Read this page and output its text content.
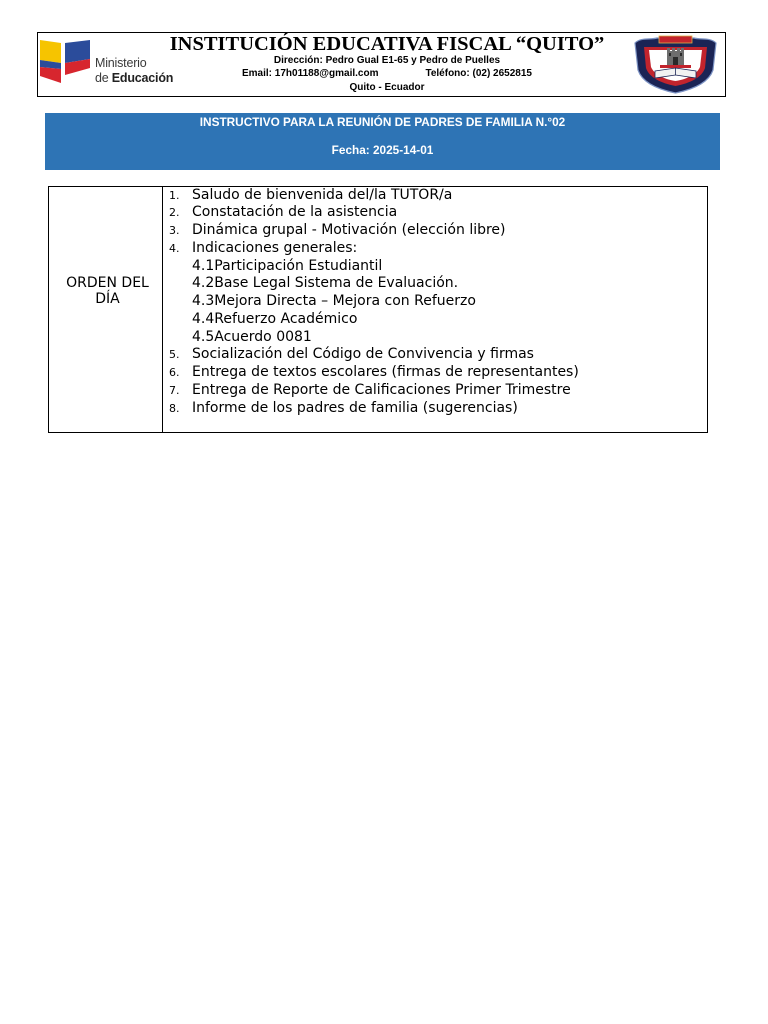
Ministerio
de Educación
INSTITUCIÓN EDUCATIVA FISCAL “QUITO”
Dirección: Pedro Gual E1-65 y Pedro de Puelles
Email: 17h01188@gmail.com	Teléfono: (02) 2652815
Quito - Ecuador
INSTRUCTIVO PARA LA REUNIÓN DE PADRES DE FAMILIA N.°02
Fecha: 2025-14-01
ORDEN DEL DÍA
1. Saludo de bienvenida del/la TUTOR/a
2. Constatación de la asistencia
3. Dinámica grupal - Motivación (elección libre)
4. Indicaciones generales:
4.1Participación Estudiantil
4.2Base Legal Sistema de Evaluación.
4.3Mejora Directa – Mejora con Refuerzo
4.4Refuerzo Académico
4.5Acuerdo 0081
5. Socialización del Código de Convivencia y firmas
6. Entrega de textos escolares (firmas de representantes)
7. Entrega de Reporte de Calificaciones Primer Trimestre
8. Informe de los padres de familia (sugerencias)
